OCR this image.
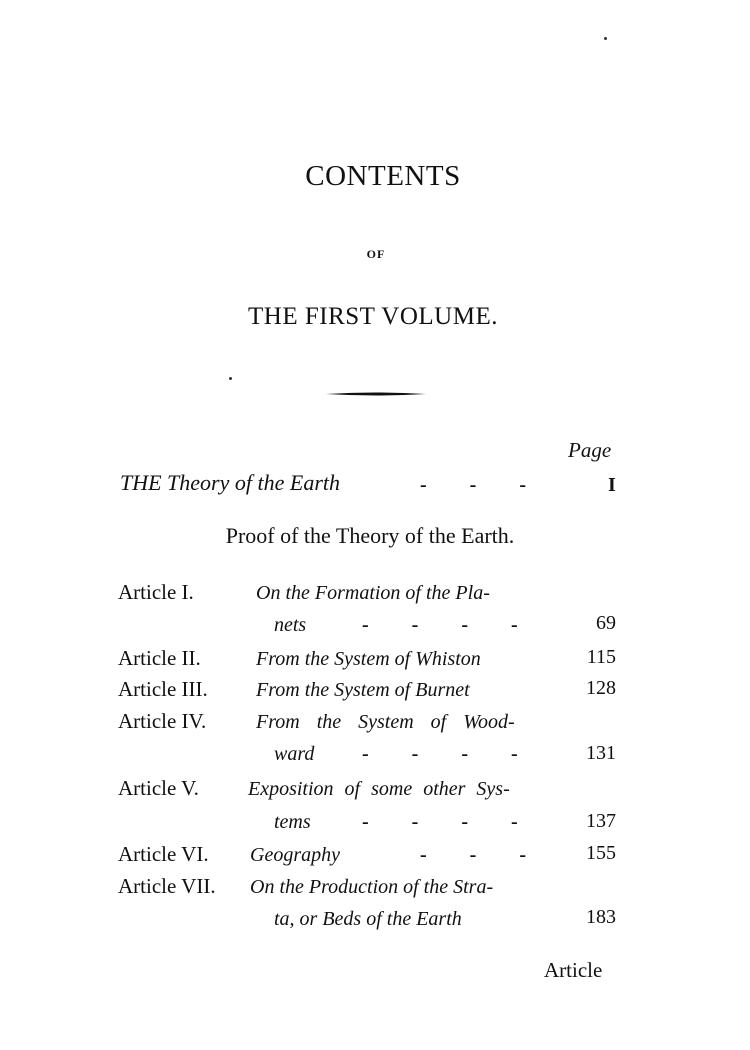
CONTENTS
OF
THE FIRST VOLUME.
Page
THE Theory of the Earth	- - -	I
Proof of the Theory of the Earth.
Article I.	On the Formation of the Pla-
nets	- - - -	69
Article II.	From the System of Whiston	115
Article III. From the System of Burnet	128
Article IV. From the System of Wood-
ward - - - -	131
Article V. Exposition of some other Sys-
tems	- - - -	137
Article VI. Geography	- - -	155
Article VII. On the Production of the Stra-
ta, or Beds of the Earth	183
Article
